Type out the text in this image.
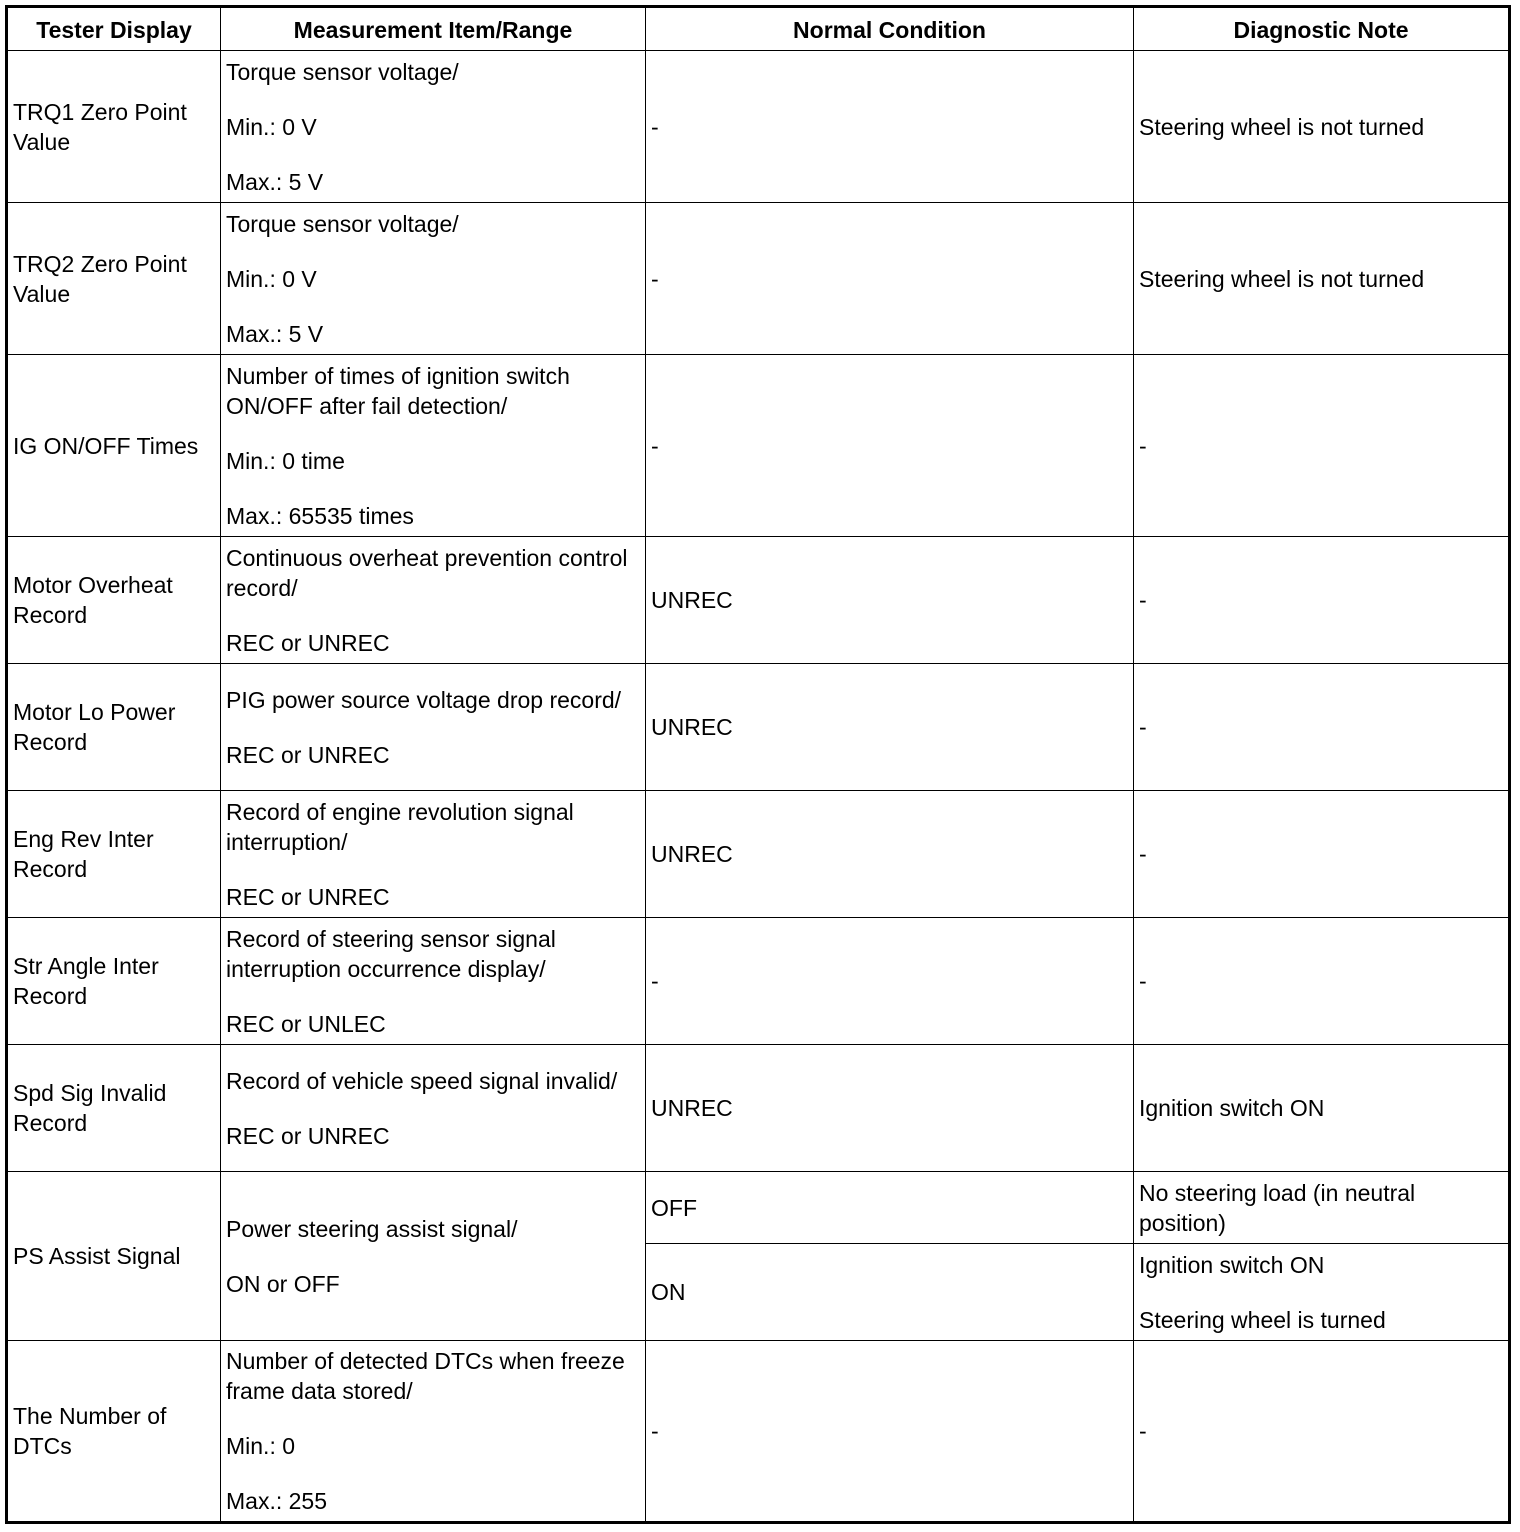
Tester Display	Measurement Item/Range	Normal Condition	Diagnostic Note
TRQ1 Zero Point Value	Torque sensor voltage/
Min.: 0 V
Max.: 5 V	-	Steering wheel is not turned

TRQ2 Zero Point Value	Torque sensor voltage/
Min.: 0 V
Max.: 5 V	-	Steering wheel is not turned

IG ON/OFF Times	Number of times of ignition switch ON/OFF after fail detection/
Min.: 0 time
Max.: 65535 times	-	-

Motor Overheat Record	Continuous overheat prevention control record/
REC or UNREC	UNREC	-

Motor Lo Power Record	PIG power source voltage drop record/
REC or UNREC	UNREC	-

Eng Rev Inter Record	Record of engine revolution signal interruption/
REC or UNREC	UNREC	-

Str Angle Inter Record	Record of steering sensor signal interruption occurrence display/
REC or UNLEC	-	-

Spd Sig Invalid Record	Record of vehicle speed signal invalid/
REC or UNREC	UNREC	Ignition switch ON

PS Assist Signal	Power steering assist signal/
ON or OFF	OFF	No steering load (in neutral position)

		ON	Ignition switch ON
Steering wheel is turned

The Number of DTCs	Number of detected DTCs when freeze frame data stored/
Min.: 0
Max.: 255	-	-
